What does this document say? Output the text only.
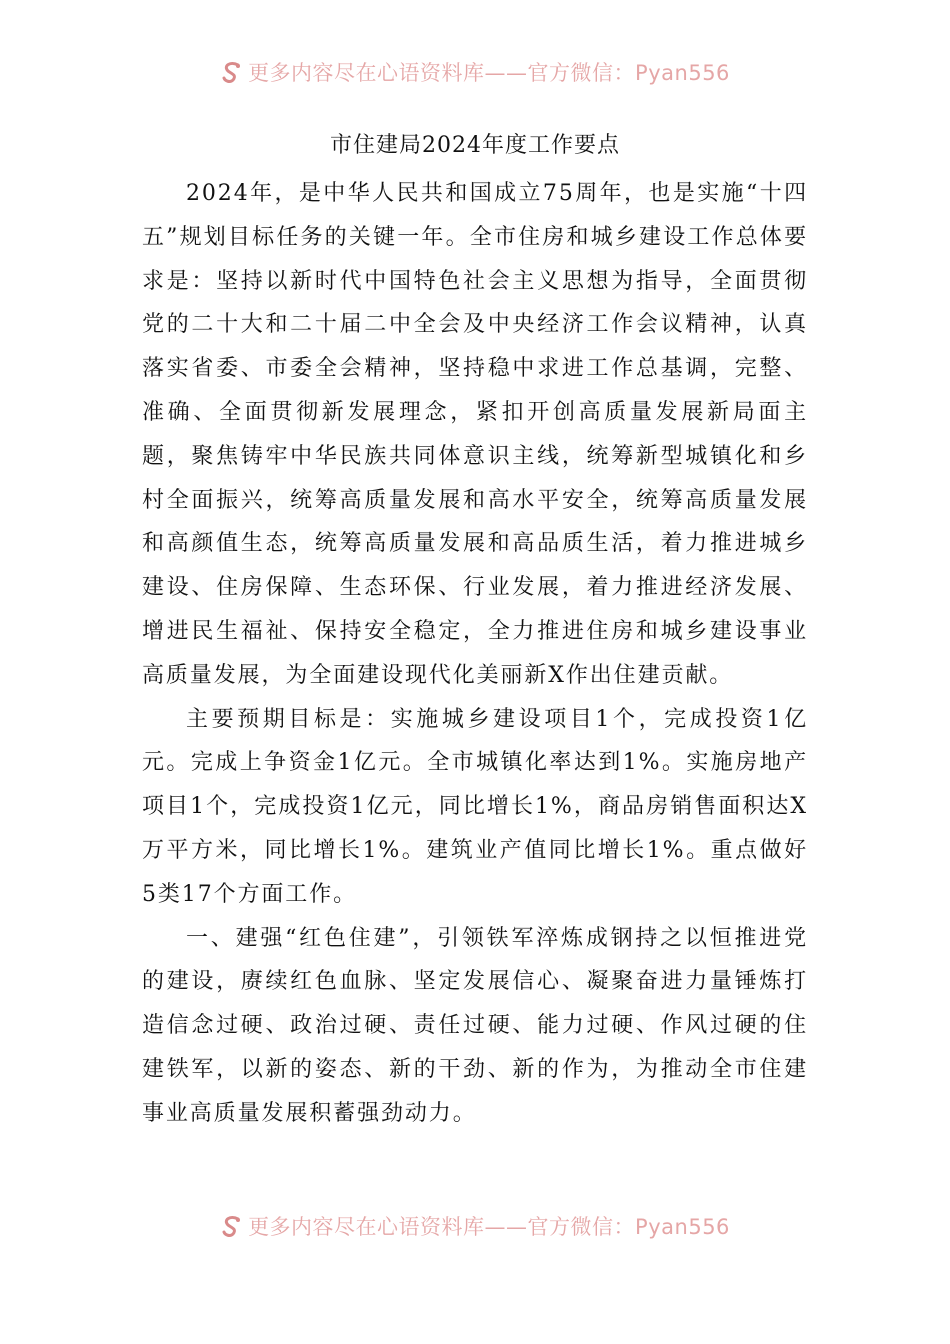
更多内容尽在心语资料库——官方微信：Pyan556
市住建局2024年度工作要点

2024年，是中华人民共和国成立75周年，也是实施“十四五”规划目标任务的关键一年。全市住房和城乡建设工作总体要求是：坚持以新时代中国特色社会主义思想为指导，全面贯彻党的二十大和二十届二中全会及中央经济工作会议精神，认真落实省委、市委全会精神，坚持稳中求进工作总基调，完整、准确、全面贯彻新发展理念，紧扣开创高质量发展新局面主题，聚焦铸牢中华民族共同体意识主线，统筹新型城镇化和乡村全面振兴，统筹高质量发展和高水平安全，统筹高质量发展和高颜值生态，统筹高质量发展和高品质生活，着力推进城乡建设、住房保障、生态环保、行业发展，着力推进经济发展、增进民生福祉、保持安全稳定，全力推进住房和城乡建设事业高质量发展，为全面建设现代化美丽新X作出住建贡献。

主要预期目标是：实施城乡建设项目1个，完成投资1亿元。完成上争资金1亿元。全市城镇化率达到1%。实施房地产项目1个，完成投资1亿元，同比增长1%，商品房销售面积达X万平方米，同比增长1%。建筑业产值同比增长1%。重点做好5类17个方面工作。

一、建强“红色住建”，引领铁军淬炼成钢持之以恒推进党的建设，赓续红色血脉、坚定发展信心、凝聚奋进力量锤炼打造信念过硬、政治过硬、责任过硬、能力过硬、作风过硬的住建铁军，以新的姿态、新的干劲、新的作为，为推动全市住建事业高质量发展积蓄强劲动力。

更多内容尽在心语资料库——官方微信：Pyan556
